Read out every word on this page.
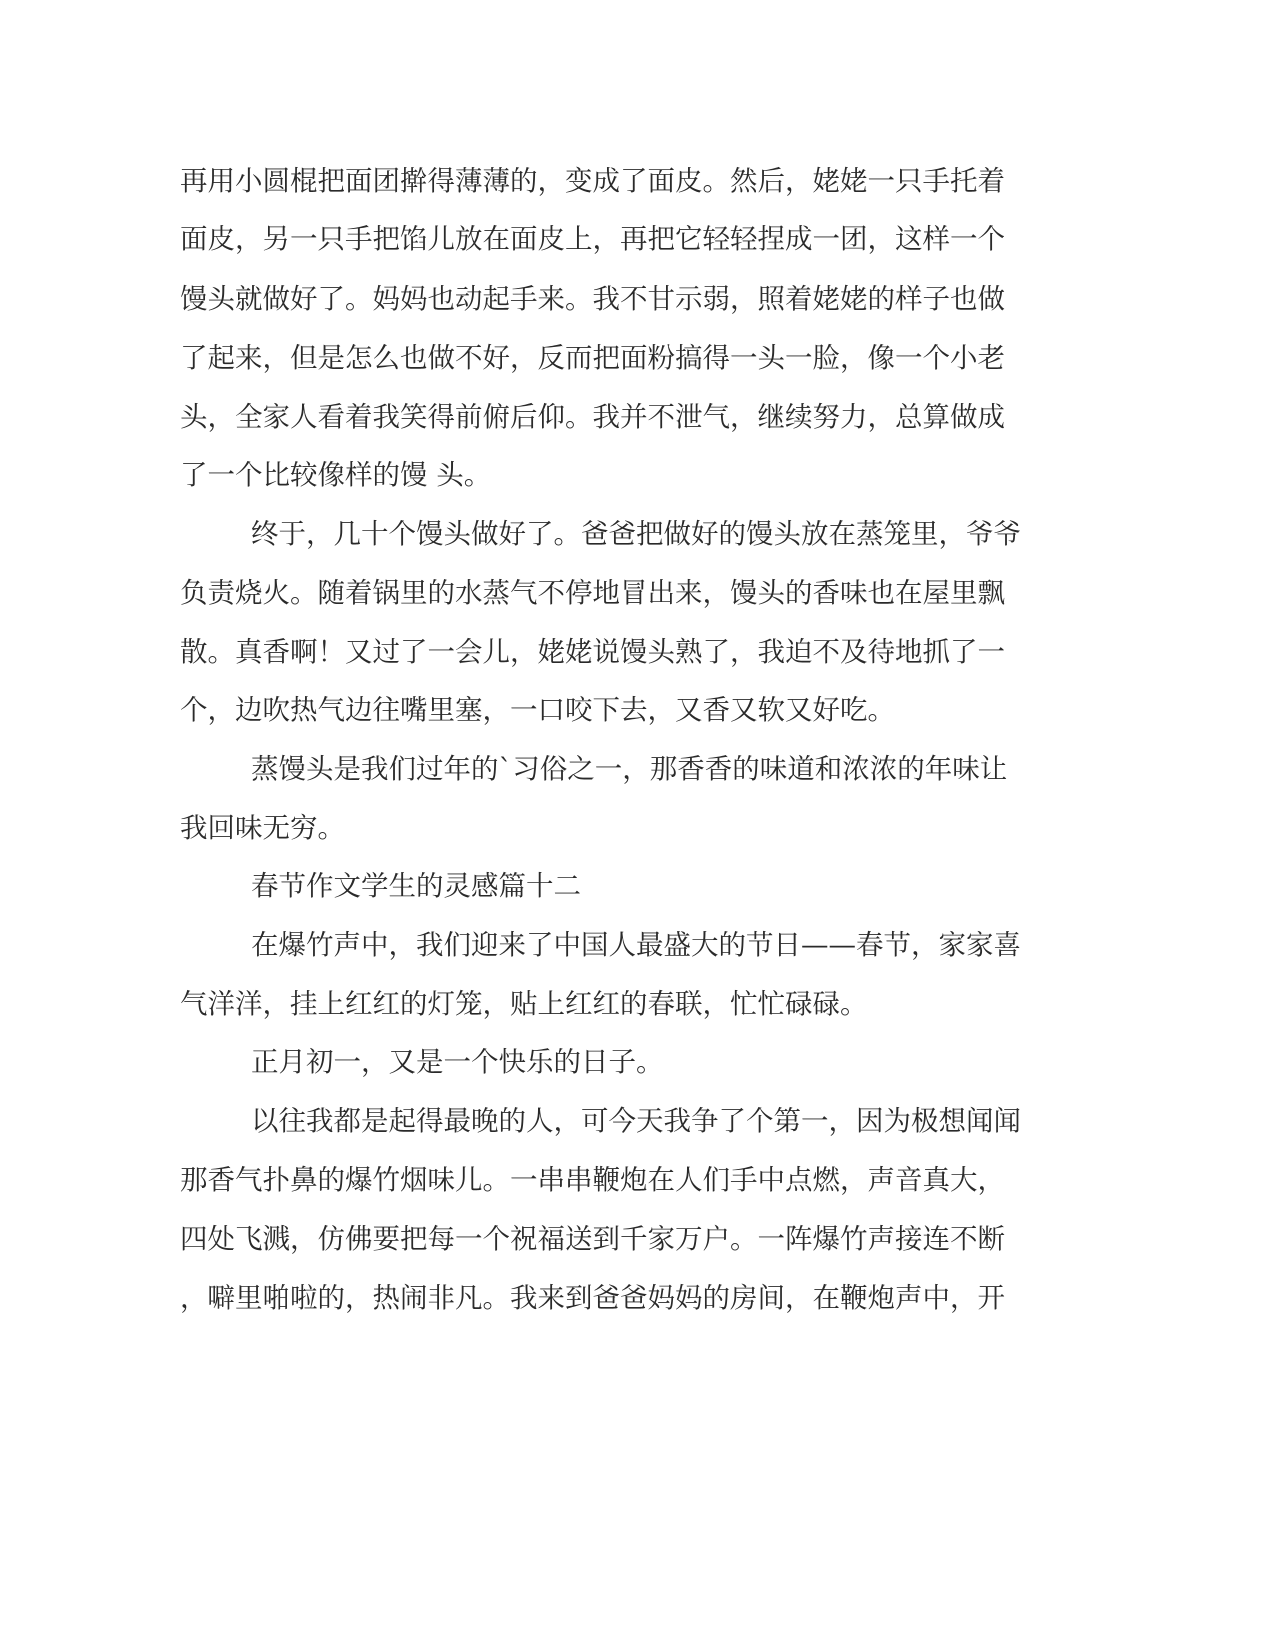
再用小圆棍把面团擀得薄薄的，变成了面皮。然后，姥姥一只手托着
面皮，另一只手把馅儿放在面皮上，再把它轻轻捏成一团，这样一个
馒头就做好了。妈妈也动起手来。我不甘示弱，照着姥姥的样子也做
了起来，但是怎么也做不好，反而把面粉搞得一头一脸，像一个小老
头，全家人看着我笑得前俯后仰。我并不泄气，继续努力，总算做成
了一个比较像样的馒 头。
终于，几十个馒头做好了。爸爸把做好的馒头放在蒸笼里，爷爷
负责烧火。随着锅里的水蒸气不停地冒出来，馒头的香味也在屋里飘
散。真香啊！又过了一会儿，姥姥说馒头熟了，我迫不及待地抓了一
个，边吹热气边往嘴里塞，一口咬下去，又香又软又好吃。
蒸馒头是我们过年的`习俗之一，那香香的味道和浓浓的年味让
我回味无穷。
春节作文学生的灵感篇十二
在爆竹声中，我们迎来了中国人最盛大的节日——春节，家家喜
气洋洋，挂上红红的灯笼，贴上红红的春联，忙忙碌碌。
正月初一，又是一个快乐的日子。
以往我都是起得最晚的人，可今天我争了个第一，因为极想闻闻
那香气扑鼻的爆竹烟味儿。一串串鞭炮在人们手中点燃，声音真大，
四处飞溅，仿佛要把每一个祝福送到千家万户。一阵爆竹声接连不断
，噼里啪啦的，热闹非凡。我来到爸爸妈妈的房间，在鞭炮声中，开
